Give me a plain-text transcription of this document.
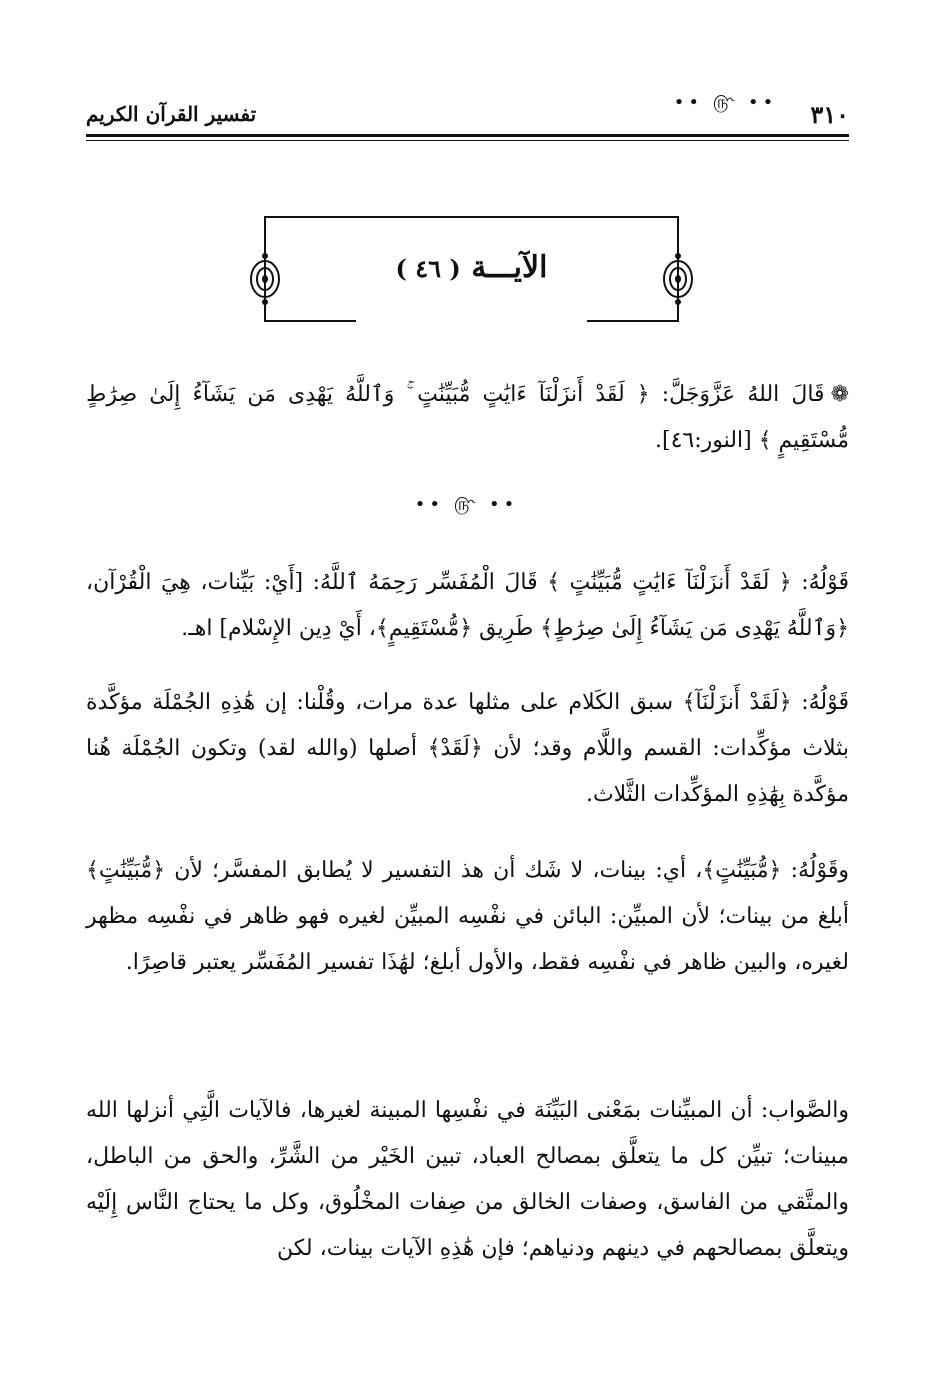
٣١٠
تفسير القرآن الكريم
الآيـــة ( ٤٦ )
•• ௹ ••

❁قَالَ اللهُ عَزَّوَجَلَّ: ﴿ لَقَدْ أَنزَلْنَآ ءَايَٰتٍ مُّبَيِّنَٰتٍ ۚ وَٱللَّهُ يَهْدِى مَن يَشَآءُ إِلَىٰ صِرَٰطٍ مُّسْتَقِيمٍ ﴾ [النور:٤٦].

•• ௹ ••

قَوْلُهُ: ﴿ لَقَدْ أَنزَلْنَآ ءَايَٰتٍ مُّبَيِّنَٰتٍ ﴾ قَالَ الْمُفَسِّر رَحِمَهُ ٱللَّهُ: [أَيْ: بَيِّنات، هِيَ الْقُرْآن، ﴿وَٱللَّهُ يَهْدِى مَن يَشَآءُ إِلَىٰ صِرَٰطٍ﴾ طَرِيق ﴿مُّسْتَقِيمٍ﴾، أَيْ دِين الإِسْلام] اهـ.

قَوْلُهُ: ﴿لَقَدْ أَنزَلْنَآ﴾ سبق الكَلام على مثلها عدة مرات، وقُلْنا: إن هَٰذِهِ الجُمْلَة مؤكَّدة بثلاث مؤكِّدات: القسم واللَّام وقد؛ لأن ﴿لَقَدْ﴾ أصلها (والله لقد) وتكون الجُمْلَة هُنا مؤكَّدة بِهَٰذِهِ المؤكِّدات الثَّلاث.

وقَوْلُهُ: ﴿مُّبَيِّنَٰتٍ﴾، أي: بينات، لا شَك أن هذ التفسير لا يُطابق المفسَّر؛ لأن ﴿مُّبَيِّنَٰتٍ﴾ أبلغ من بينات؛ لأن المبيِّن: البائن في نفْسِه المبيِّن لغيره فهو ظاهر في نفْسِه مظهر لغيره، والبين ظاهر في نفْسِه فقط، والأول أبلغ؛ لهَٰذَا تفسير المُفَسِّر يعتبر قاصِرًا.

والصَّواب: أن المبيِّنات بمَعْنى البَيِّنَة في نفْسِها المبينة لغيرها، فالآيات الَّتِي أنزلها الله مبينات؛ تبيِّن كل ما يتعلَّق بمصالح العباد، تبين الخَيْر من الشَّرِّ، والحق من الباطل، والمتَّقي من الفاسق، وصفات الخالق من صِفات المخْلُوق، وكل ما يحتاج النَّاس إِلَيْه ويتعلَّق بمصالحهم في دينهم ودنياهم؛ فإن هَٰذِهِ الآيات بينات، لكن
